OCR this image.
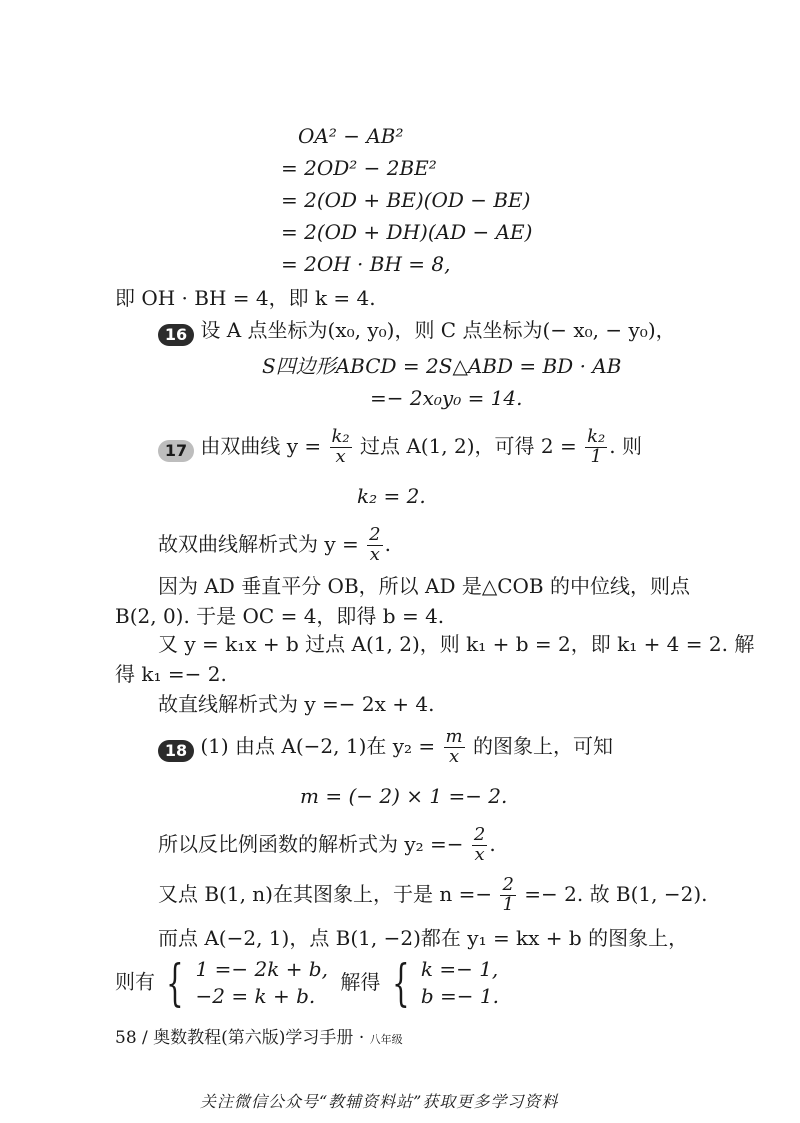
OA² − AB²
= 2OD² − 2BE²
= 2(OD + BE)(OD − BE)
= 2(OD + DH)(AD − AE)
= 2OH · BH = 8,
即 OH · BH = 4，即 k = 4.
16 设 A 点坐标为(x₀, y₀)，则 C 点坐标为(− x₀, − y₀)，
S四边形ABCD = 2S△ABD = BD · AB
=− 2x₀y₀ = 14.
17 由双曲线 $y = \frac{\text{k₂}}{x}$ 过点 A(1, 2)，可得 $2 = \frac{\text{k₂}}{1}$ . 则
k₂ = 2.
故双曲线解析式为 $y = \frac{2}{x}$ .
因为 AD 垂直平分 OB，所以 AD 是△COB 的中位线，则点
B(2, 0). 于是 OC = 4，即得 b = 4.
又 y = k₁x + b 过点 A(1, 2)，则 k₁ + b = 2，即 k₁ + 4 = 2. 解
得 k₁ =− 2.
故直线解析式为 y =− 2x + 4.
18 (1) 由点 A(−2, 1)在 $y_2 = \frac{m}{x}$ 的图象上，可知
m = (− 2) × 1 =− 2.
所以反比例函数的解析式为 $y_2 =- \frac{2}{x}$ .
又点 B(1, n)在其图象上，于是 $n =- \frac{2}{1} =- 2$. 故 B(1, −2).
而点 A(−2, 1)，点 B(1, −2)都在 y₁ = kx + b 的图象上，
则有 { 1 =− 2k + b,
−2 = k + b.
解得 { k =− 1,
b =− 1.
58 / 奥数教程(第六版)学习手册 · 八年级
关注微信公众号“教辅资料站”获取更多学习资料
